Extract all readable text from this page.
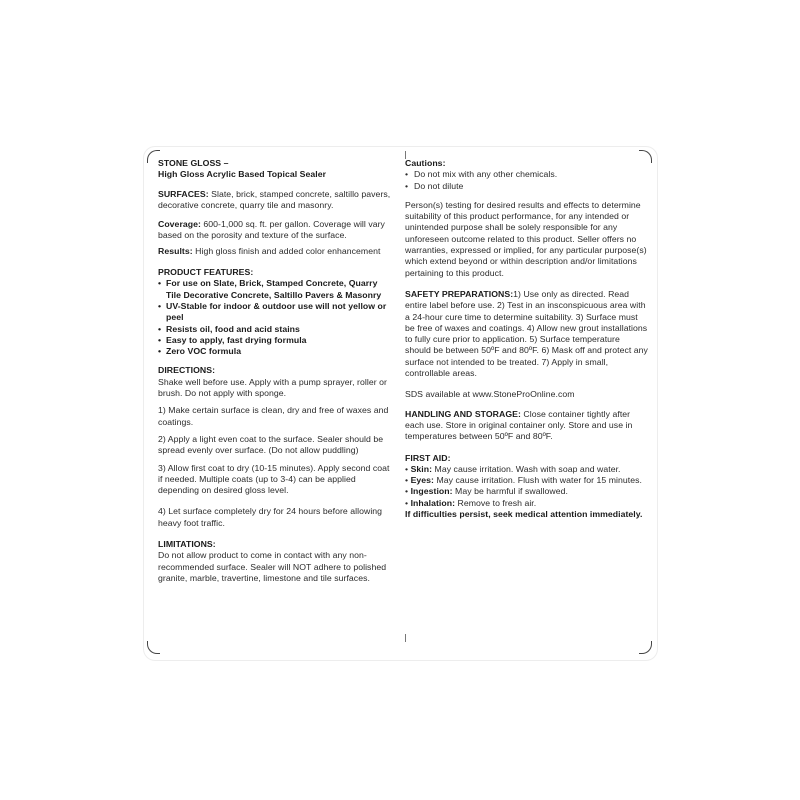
STONE GLOSS –

High Gloss Acrylic Based Topical Sealer

SURFACES: Slate, brick, stamped concrete, saltillo pavers, decorative concrete, quarry tile and masonry.

Coverage: 600-1,000 sq. ft. per gallon. Coverage will vary based on the porosity and texture of the surface.

Results: High gloss finish and added color enhancement

PRODUCT FEATURES:

• For use on Slate, Brick, Stamped Concrete, Quarry Tile Decorative Concrete, Saltillo Pavers & Masonry
• UV-Stable for indoor & outdoor use will not yellow or peel
• Resists oil, food and acid stains
• Easy to apply, fast drying formula
• Zero VOC formula

DIRECTIONS:

Shake well before use. Apply with a pump sprayer, roller or brush. Do not apply with sponge.

1) Make certain surface is clean, dry and free of waxes and coatings.

2) Apply a light even coat to the surface. Sealer should be spread evenly over surface. (Do not allow puddling)

3) Allow first coat to dry (10-15 minutes). Apply second coat if needed. Multiple coats (up to 3-4) can be applied depending on desired gloss level.

4) Let surface completely dry for 24 hours before allowing heavy foot traffic.

LIMITATIONS:

Do not allow product to come in contact with any non-recommended surface. Sealer will NOT adhere to polished granite, marble, travertine, limestone and tile surfaces.

Cautions:

• Do not mix with any other chemicals.
• Do not dilute

Person(s) testing for desired results and effects to determine suitability of this product performance, for any intended or unintended purpose shall be solely responsible for any unforeseen outcome related to this product. Seller offers no warranties, expressed or implied, for any particular purpose(s) which extend beyond or within description and/or limitations pertaining to this product.

SAFETY PREPARATIONS:1) Use only as directed. Read entire label before use. 2) Test in an insconspicuous area with a 24-hour cure time to determine suitability. 3) Surface must be free of waxes and coatings. 4) Allow new grout installations to fully cure prior to application. 5) Surface temperature should be between 50ºF and 80ºF. 6) Mask off and protect any surface not intended to be treated. 7) Apply in small, controllable areas.

SDS available at www.StoneProOnline.com

HANDLING AND STORAGE: Close container tightly after each use. Store in original container only. Store and use in temperatures between 50ºF and 80ºF.

FIRST AID:

• Skin: May cause irritation. Wash with soap and water.
• Eyes: May cause irritation. Flush with water for 15 minutes.
• Ingestion: May be harmful if swallowed.
• Inhalation: Remove to fresh air.

If difficulties persist, seek medical attention immediately.
